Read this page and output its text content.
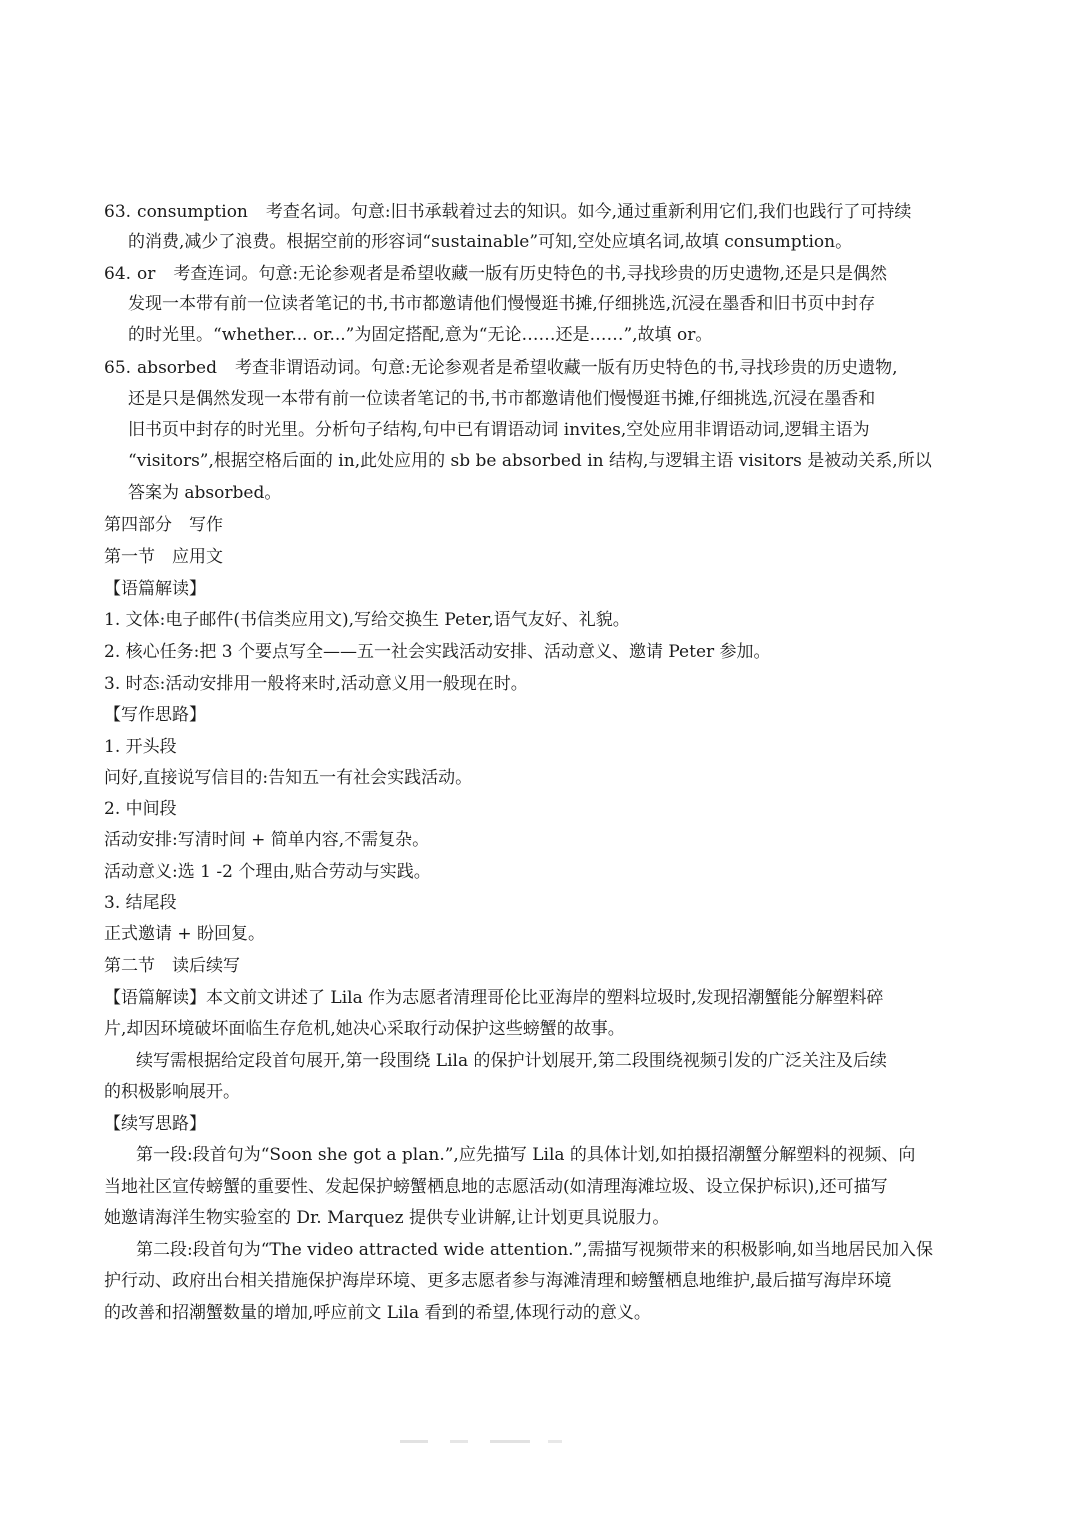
63. consumption 考查名词。句意:旧书承载着过去的知识。如今,通过重新利用它们,我们也践行了可持续
的消费,减少了浪费。根据空前的形容词“sustainable”可知,空处应填名词,故填 consumption。
64. or 考查连词。句意:无论参观者是希望收藏一版有历史特色的书,寻找珍贵的历史遗物,还是只是偶然
发现一本带有前一位读者笔记的书,书市都邀请他们慢慢逛书摊,仔细挑选,沉浸在墨香和旧书页中封存
的时光里。“whether... or...”为固定搭配,意为“无论……还是……”,故填 or。
65. absorbed 考查非谓语动词。句意:无论参观者是希望收藏一版有历史特色的书,寻找珍贵的历史遗物,
还是只是偶然发现一本带有前一位读者笔记的书,书市都邀请他们慢慢逛书摊,仔细挑选,沉浸在墨香和
旧书页中封存的时光里。分析句子结构,句中已有谓语动词 invites,空处应用非谓语动词,逻辑主语为
“visitors”,根据空格后面的 in,此处应用的 sb be absorbed in 结构,与逻辑主语 visitors 是被动关系,所以
答案为 absorbed。
第四部分　写作
第一节　应用文
【语篇解读】
1. 文体:电子邮件(书信类应用文),写给交换生 Peter,语气友好、礼貌。
2. 核心任务:把 3 个要点写全——五一社会实践活动安排、活动意义、邀请 Peter 参加。
3. 时态:活动安排用一般将来时,活动意义用一般现在时。
【写作思路】
1. 开头段
问好,直接说写信目的:告知五一有社会实践活动。
2. 中间段
活动安排:写清时间 + 简单内容,不需复杂。
活动意义:选 1 -2 个理由,贴合劳动与实践。
3. 结尾段
正式邀请 + 盼回复。
第二节　读后续写
【语篇解读】本文前文讲述了 Lila 作为志愿者清理哥伦比亚海岸的塑料垃圾时,发现招潮蟹能分解塑料碎
片,却因环境破坏面临生存危机,她决心采取行动保护这些螃蟹的故事。
续写需根据给定段首句展开,第一段围绕 Lila 的保护计划展开,第二段围绕视频引发的广泛关注及后续
的积极影响展开。
【续写思路】
第一段:段首句为“Soon she got a plan.”,应先描写 Lila 的具体计划,如拍摄招潮蟹分解塑料的视频、向
当地社区宣传螃蟹的重要性、发起保护螃蟹栖息地的志愿活动(如清理海滩垃圾、设立保护标识),还可描写
她邀请海洋生物实验室的 Dr. Marquez 提供专业讲解,让计划更具说服力。
第二段:段首句为“The video attracted wide attention.”,需描写视频带来的积极影响,如当地居民加入保
护行动、政府出台相关措施保护海岸环境、更多志愿者参与海滩清理和螃蟹栖息地维护,最后描写海岸环境
的改善和招潮蟹数量的增加,呼应前文 Lila 看到的希望,体现行动的意义。
